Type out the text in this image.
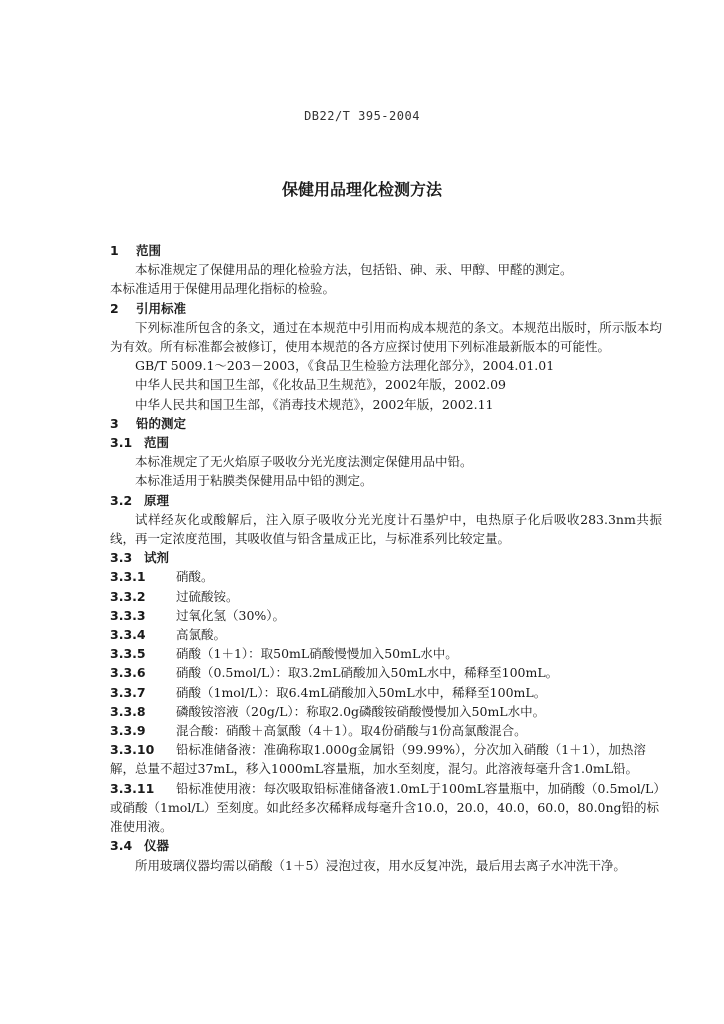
DB22/T 395-2004
保健用品理化检测方法

1 范围

本标准规定了保健用品的理化检验方法，包括铅、砷、汞、甲醇、甲醛的测定。

本标准适用于保健用品理化指标的检验。

2 引用标准

下列标准所包含的条文，通过在本规范中引用而构成本规范的条文。本规范出版时，所示版本均为有效。所有标准都会被修订，使用本规范的各方应探讨使用下列标准最新版本的可能性。

GB/T 5009.1～203－2003，《食品卫生检验方法理化部分》，2004.01.01

中华人民共和国卫生部，《化妆品卫生规范》，2002年版，2002.09

中华人民共和国卫生部，《消毒技术规范》，2002年版，2002.11

3 铅的测定

3.1 范围

本标准规定了无火焰原子吸收分光光度法测定保健用品中铅。

本标准适用于粘膜类保健用品中铅的测定。

3.2 原理

试样经灰化或酸解后，注入原子吸收分光光度计石墨炉中，电热原子化后吸收283.3nm共振线，再一定浓度范围，其吸收值与铅含量成正比，与标准系列比较定量。

3.3 试剂

3.3.1	硝酸。
3.3.2	过硫酸铵。
3.3.3	过氧化氢（30%）。
3.3.4	高氯酸。
3.3.5	硝酸（1＋1）：取50mL硝酸慢慢加入50mL水中。
3.3.6	硝酸（0.5mol/L）：取3.2mL硝酸加入50mL水中，稀释至100mL。
3.3.7	硝酸（1mol/L）：取6.4mL硝酸加入50mL水中，稀释至100mL。
3.3.8	磷酸铵溶液（20g/L）：称取2.0g磷酸铵硝酸慢慢加入50mL水中。
3.3.9	混合酸：硝酸＋高氯酸（4＋1）。取4份硝酸与1份高氯酸混合。

3.3.10 铅标准储备液：准确称取1.000g金属铅（99.99%），分次加入硝酸（1＋1），加热溶解，总量不超过37mL，移入1000mL容量瓶，加水至刻度，混匀。此溶液每毫升含1.0mL铅。

3.3.11 铅标准使用液：每次吸取铅标准储备液1.0mL于100mL容量瓶中，加硝酸（0.5mol/L）或硝酸（1mol/L）至刻度。如此经多次稀释成每毫升含10.0，20.0，40.0，60.0，80.0ng铅的标准使用液。

3.4 仪器

所用玻璃仪器均需以硝酸（1＋5）浸泡过夜，用水反复冲洗，最后用去离子水冲洗干净。
